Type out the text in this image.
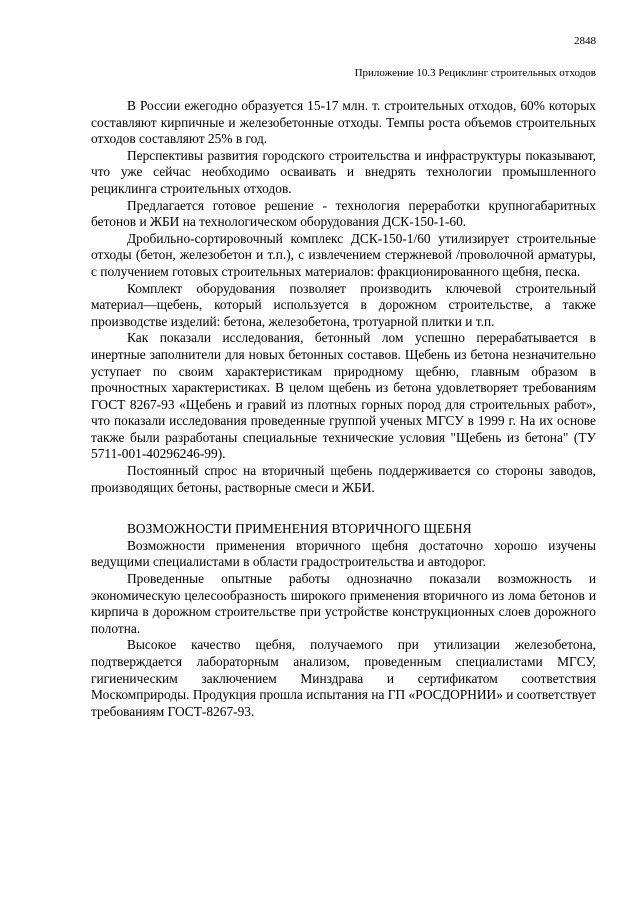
2848
Приложение 10.3 Рециклинг строительных отходов

В России ежегодно образуется 15-17 млн. т. строительных отходов, 60% которых составляют кирпичные и железобетонные отходы. Темпы роста объемов строительных отходов составляют 25% в год.

Перспективы развития городского строительства и инфраструктуры показывают, что уже сейчас необходимо осваивать и внедрять технологии промышленного рециклинга строительных отходов.

Предлагается готовое решение - технология переработки крупногабаритных бетонов и ЖБИ на технологическом оборудования ДСК-150-1-60.

Дробильно-сортировочный комплекс ДСК-150-1/60 утилизирует строительные отходы (бетон, железобетон и т.п.), с извлечением стержневой /проволочной арматуры, с получением готовых строительных материалов: фракционированного щебня, песка.

Комплект оборудования позволяет производить ключевой строительный материал—щебень, который используется в дорожном строительстве, а также производстве изделий: бетона, железобетона, тротуарной плитки и т.п.

Как показали исследования, бетонный лом успешно перерабатывается в инертные заполнители для новых бетонных составов. Щебень из бетона незначительно уступает по своим характеристикам природному щебню, главным образом в прочностных характеристиках. В целом щебень из бетона удовлетворяет требованиям ГОСТ 8267-93 «Щебень и гравий из плотных горных пород для строительных работ», что показали исследования проведенные группой ученых МГСУ в 1999 г. На их основе также были разработаны специальные технические условия "Щебень из бетона" (ТУ 5711-001-40296246-99).

Постоянный спрос на вторичный щебень поддерживается со стороны заводов, производящих бетоны, растворные смеси и ЖБИ.

ВОЗМОЖНОСТИ ПРИМЕНЕНИЯ ВТОРИЧНОГО ЩЕБНЯ

Возможности применения вторичного щебня достаточно хорошо изучены ведущими специалистами в области градостроительства и автодорог.

Проведенные опытные работы однозначно показали возможность и экономическую целесообразность широкого применения вторичного из лома бетонов и кирпича в дорожном строительстве при устройстве конструкционных слоев дорожного полотна.

Высокое качество щебня, получаемого при утилизации железобетона, подтверждается лабораторным анализом, проведенным специалистами МГСУ, гигиеническим заключением Минздрава и сертификатом соответствия Москомприроды. Продукция прошла испытания на ГП «РОСДОРНИИ» и соответствует требованиям ГОСТ-8267-93.
